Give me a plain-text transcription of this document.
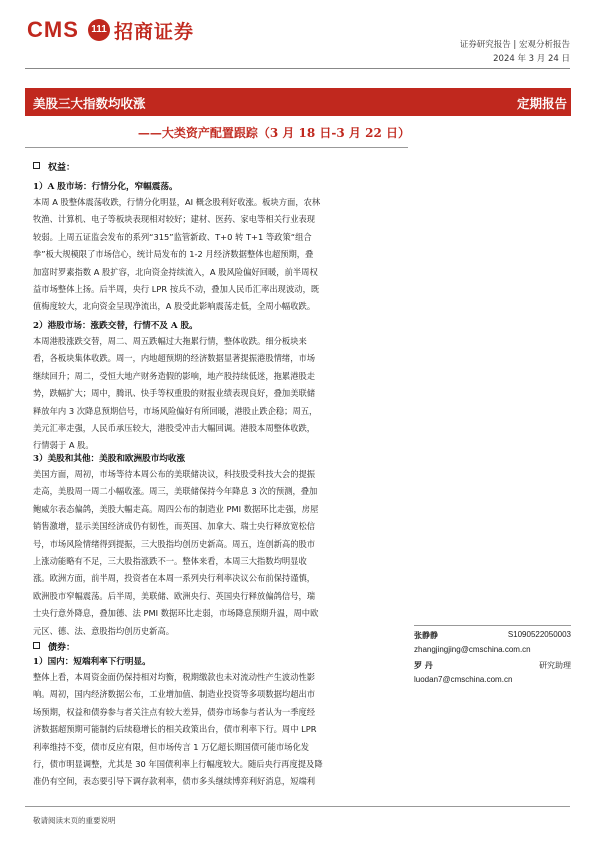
CMS	111 招商证券
证券研究报告 | 宏观分析报告
2024 年 3 月 24 日
美股三大指数均收涨	定期报告
——大类资产配置跟踪（3 月 18 日-3 月 22 日）
权益：
1）A 股市场：行情分化，窄幅震荡。
本周 A 股整体震荡收跌，行情分化明显，AI 概念股利好收涨。板块方面，农林
牧渔、计算机、电子等板块表现相对较好；建材、医药、家电等相关行业表现
较弱。上周五证监会发布的系列“315”监管新政、T+0 转 T+1 等政策“组合
拳”板大规模限了市场信心，统计局发布的 1-2 月经济数据整体也超预期，叠
加富时罗素指数 A 股扩容，北向资金持续流入，A 股风险偏好回暖，前半周权
益市场整体上扬。后半周，央行 LPR 按兵不动，叠加人民币汇率出现波动，既
值梅度较大，北向资金呈现净流出，A 股受此影响震荡走低，全周小幅收跌。
2）港股市场：涨跌交替，行情不及 A 股。
本周港股涨跌交替，周二、周五跌幅过大拖累行情，整体收跌。细分板块来
看，各板块集体收跌。周一，内地超预期的经济数据显著提振港股情绪，市场
继续回升；周二，受恒大地产财务造假的影响，地产股持续低迷，拖累港股走
势，跌幅扩大；周中，腾讯、快手等权重股的财报业绩表现良好，叠加美联储
释放年内 3 次降息预期信号，市场风险偏好有所回暖，港股止跌企稳；周五，
美元汇率走强，人民币承压较大，港股受冲击大幅回调。港股本周整体收跌，
行情弱于 A 股。
3）美股和其他：美股和欧洲股市均收涨
美国方面，周初，市场等待本周公布的美联储决议，科技股受科技大会的提振
走高，美股周一周二小幅收涨。周三，美联储保持今年降息 3 次的预测，叠加
鲍威尔表态偏鸽，美股大幅走高。周四公布的制造业 PMI 数据环比走强，房屋
销售激增，显示美国经济成仍有韧性，而英国、加拿大、瑞士央行释放宽松信
号，市场风险情绪得到提振，三大股指均创历史新高。周五，连创新高的股市
上涨动能略有不足，三大股指涨跌不一。整体来看，本周三大指数均明显收
涨。欧洲方面，前半周，投资者在本周一系列央行利率决议公布前保持谨慎，
欧洲股市窄幅震荡。后半周，美联储、欧洲央行、英国央行释放偏鸽信号，瑞
士央行意外降息，叠加德、法 PMI 数据环比走弱，市场降息预期升温，周中欧
元区、德、法、意股指均创历史新高。
债券：
1）国内：短端利率下行明显。
整体上看，本周资金面仍保持相对均衡，税期缴款也未对流动性产生波动性影
响。周初，国内经济数据公布，工业增加值、制造业投资等多项数据均超出市
场预期，权益和债券参与者关注点有较大差异，债券市场参与者认为一季度经
济数据超预期可能制约后续稳增长的相关政策出台，债市利率下行。周中 LPR
利率维持不变，债市反应有限，但市场传言 1 万亿超长期国债可能市场化发
行，债市明显调整，尤其是 30 年国债利率上行幅度较大。随后央行再度提及降
准仍有空间，表态要引导下调存款利率，债市多头继续博弈利好消息，短端利
张静静	S1090522050003
zhangjingjing@cmschina.com.cn
罗 丹	研究助理
luodan7@cmschina.com.cn
敬请阅读末页的重要说明
